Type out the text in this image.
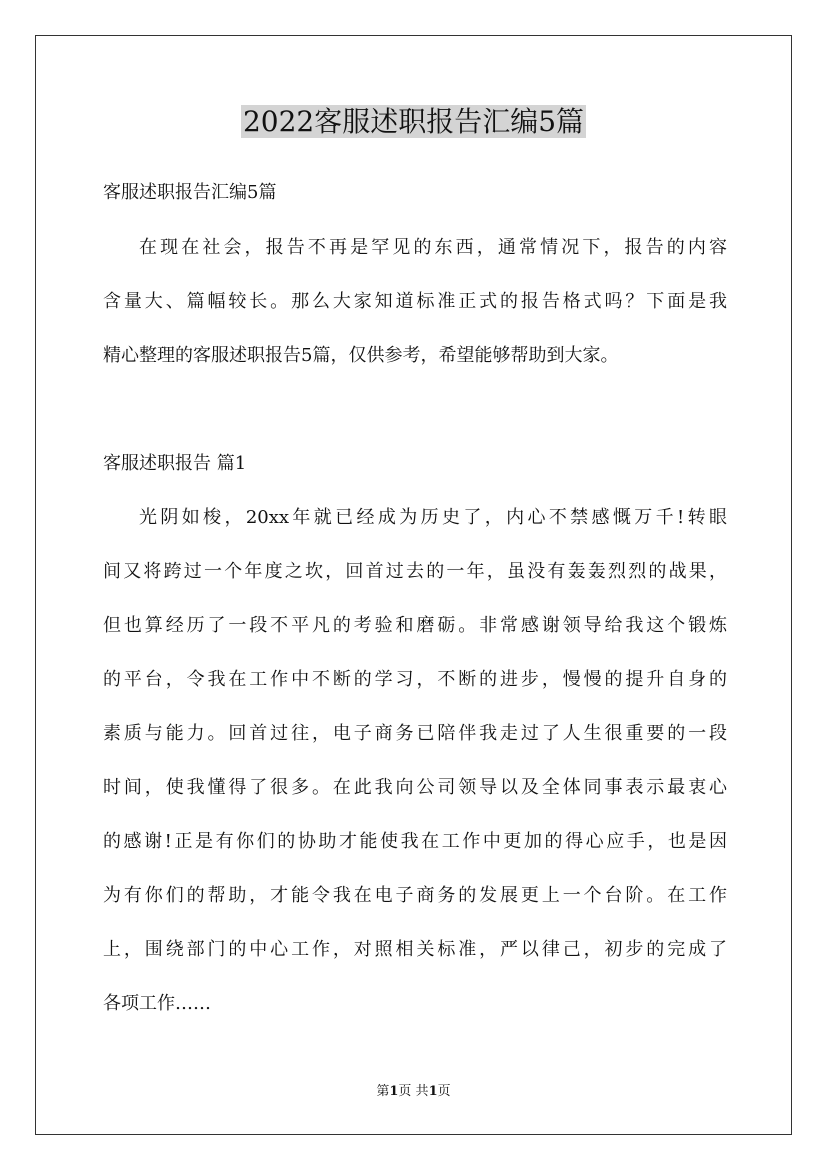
2022客服述职报告汇编5篇

客服述职报告汇编5篇

在现在社会，报告不再是罕见的东西，通常情况下，报告的内容

含量大、篇幅较长。那么大家知道标准正式的报告格式吗？下面是我

精心整理的客服述职报告5篇，仅供参考，希望能够帮助到大家。

客服述职报告 篇1

光阴如梭，20xx年就已经成为历史了，内心不禁感慨万千!转眼

间又将跨过一个年度之坎，回首过去的一年，虽没有轰轰烈烈的战果，

但也算经历了一段不平凡的考验和磨砺。非常感谢领导给我这个锻炼

的平台，令我在工作中不断的学习，不断的进步，慢慢的提升自身的

素质与能力。回首过往，电子商务已陪伴我走过了人生很重要的一段

时间，使我懂得了很多。在此我向公司领导以及全体同事表示最衷心

的感谢!正是有你们的协助才能使我在工作中更加的得心应手，也是因

为有你们的帮助，才能令我在电子商务的发展更上一个台阶。在工作

上，围绕部门的中心工作，对照相关标准，严以律己，初步的完成了

各项工作……

第1页 共1页
